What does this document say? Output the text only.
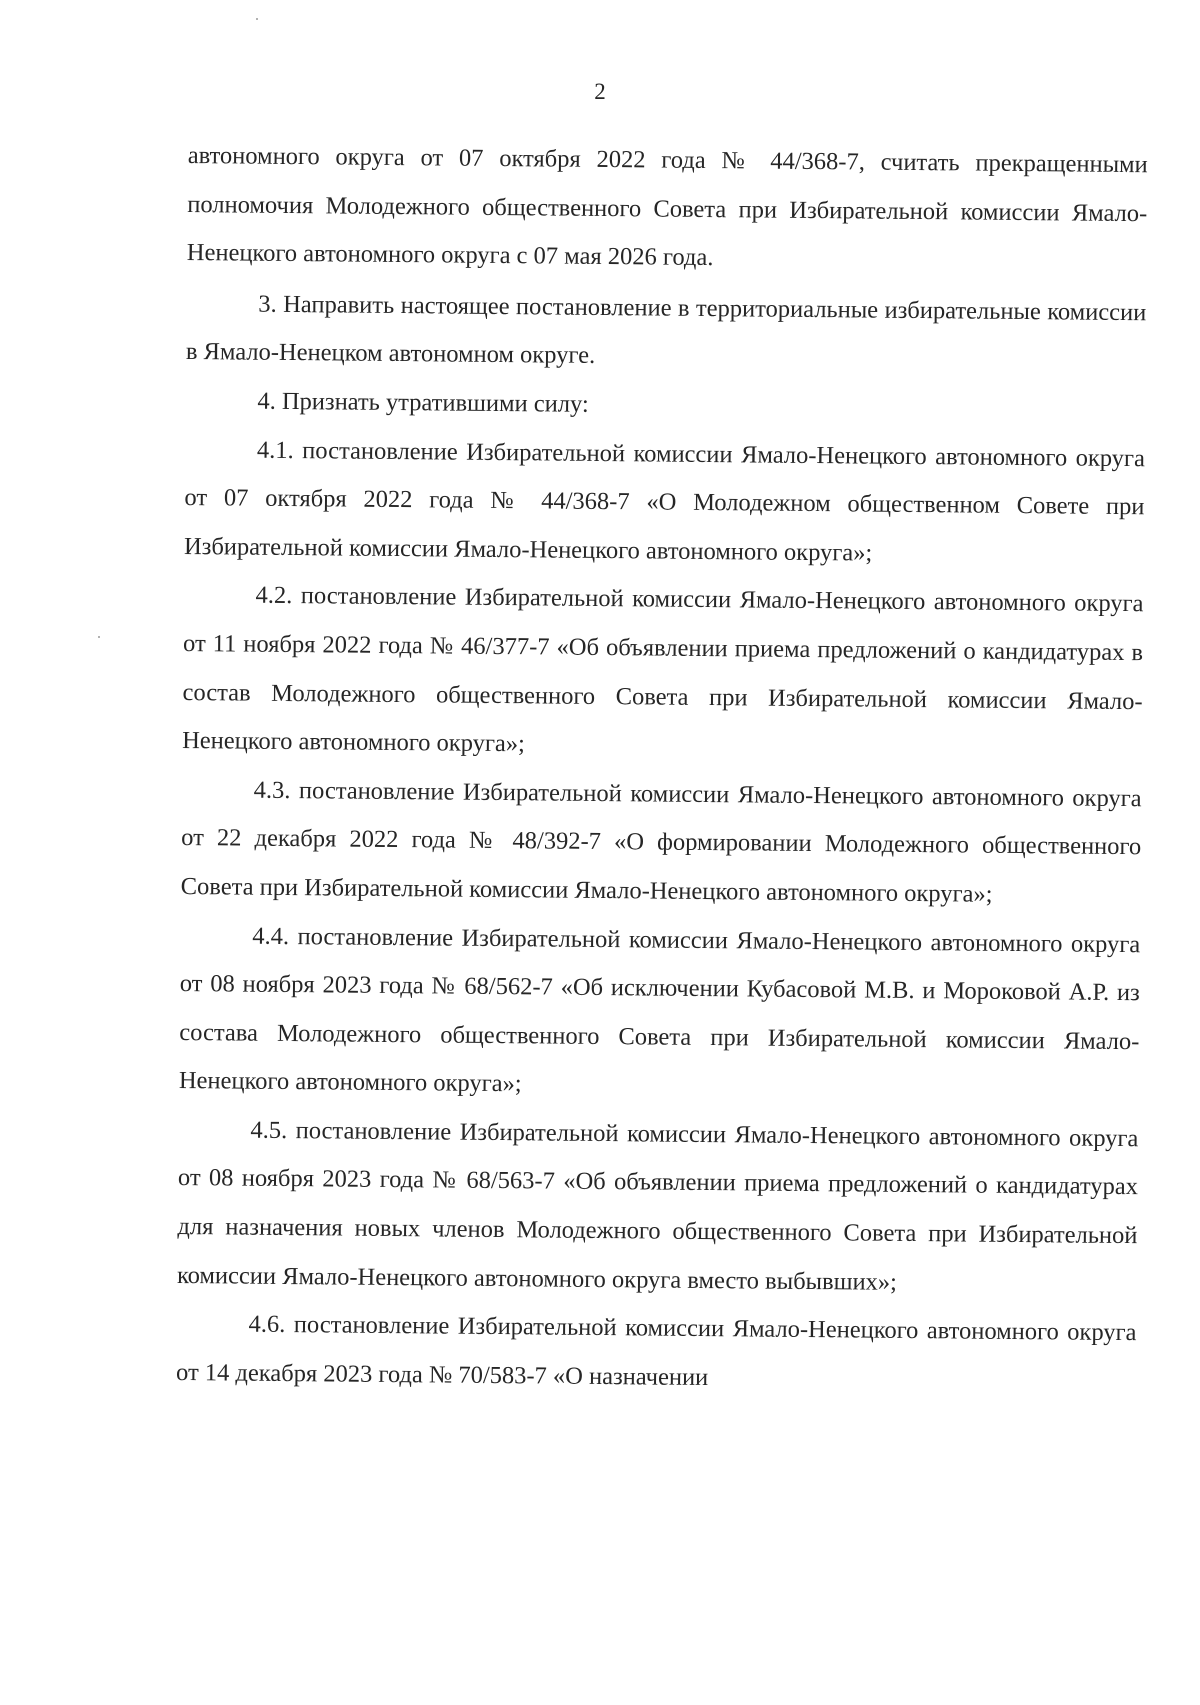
2

автономного округа от 07 октября 2022 года № 44/368-7, считать прекращенными полномочия Молодежного общественного Совета при Избирательной комиссии Ямало-Ненецкого автономного округа с 07 мая 2026 года.

3. Направить настоящее постановление в территориальные избирательные комиссии в Ямало-Ненецком автономном округе.

4. Признать утратившими силу:

4.1. постановление Избирательной комиссии Ямало-Ненецкого автономного округа от 07 октября 2022 года № 44/368-7 «О Молодежном общественном Совете при Избирательной комиссии Ямало-Ненецкого автономного округа»;

4.2. постановление Избирательной комиссии Ямало-Ненецкого автономного округа от 11 ноября 2022 года № 46/377-7 «Об объявлении приема предложений о кандидатурах в состав Молодежного общественного Совета при Избирательной комиссии Ямало-Ненецкого автономного округа»;

4.3. постановление Избирательной комиссии Ямало-Ненецкого автономного округа от 22 декабря 2022 года № 48/392-7 «О формировании Молодежного общественного Совета при Избирательной комиссии Ямало-Ненецкого автономного округа»;

4.4. постановление Избирательной комиссии Ямало-Ненецкого автономного округа от 08 ноября 2023 года № 68/562-7 «Об исключении Кубасовой М.В. и Мороковой А.Р. из состава Молодежного общественного Совета при Избирательной комиссии Ямало-Ненецкого автономного округа»;

4.5. постановление Избирательной комиссии Ямало-Ненецкого автономного округа от 08 ноября 2023 года № 68/563-7 «Об объявлении приема предложений о кандидатурах для назначения новых членов Молодежного общественного Совета при Избирательной комиссии Ямало-Ненецкого автономного округа вместо выбывших»;

4.6. постановление Избирательной комиссии Ямало-Ненецкого автономного округа от 14 декабря 2023 года № 70/583-7 «О назначении
